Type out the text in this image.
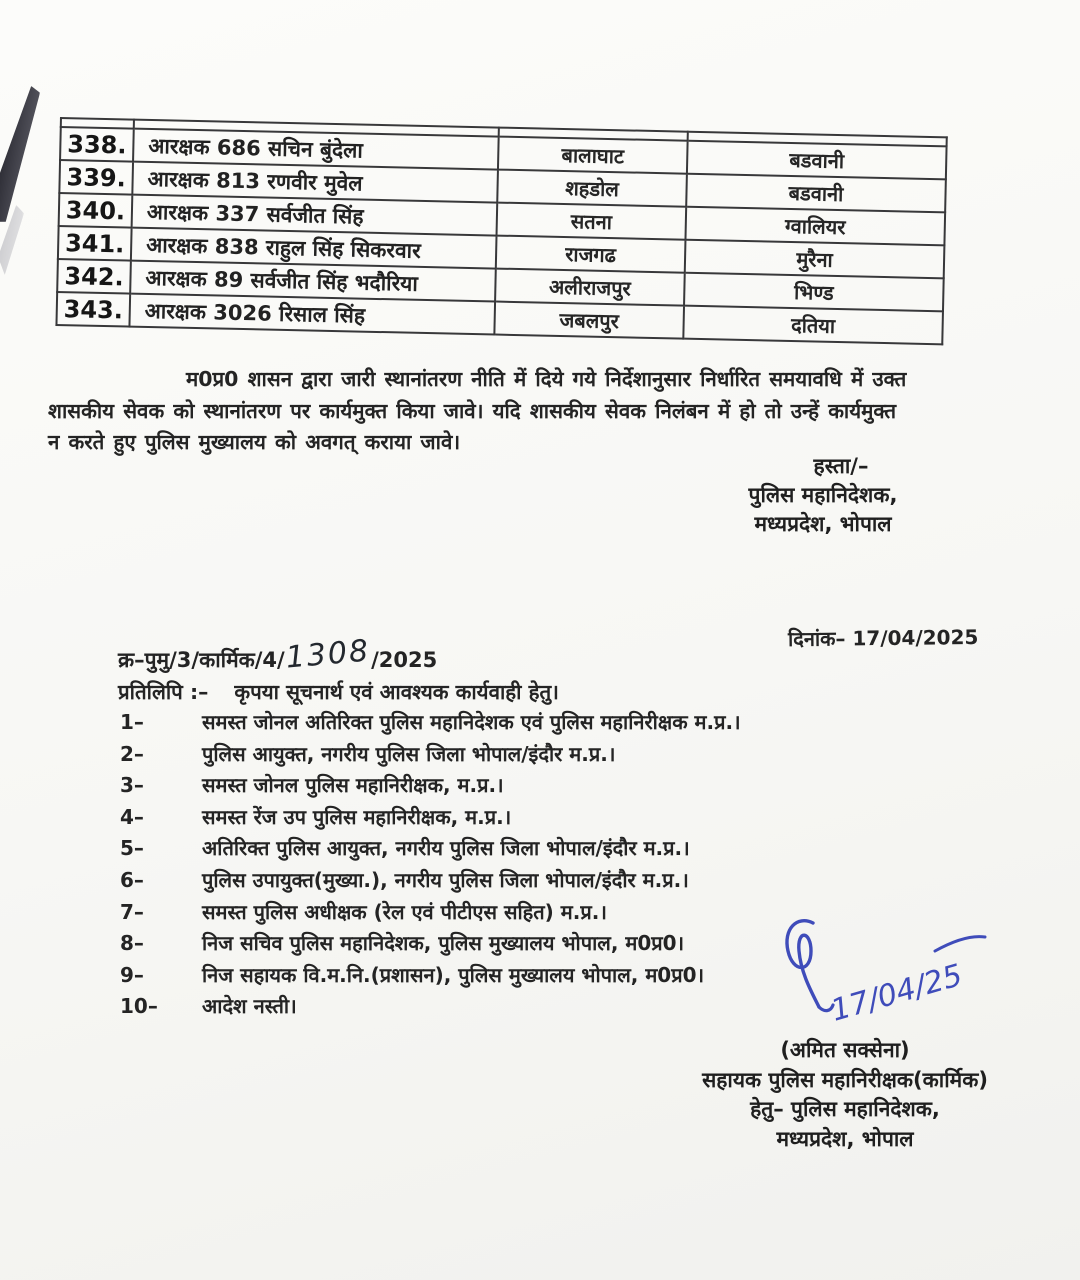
338.	आरक्षक 686 सचिन बुंदेला	बालाघाट	बडवानी
339.	आरक्षक 813 रणवीर मुवेल	शहडोल	बडवानी
340.	आरक्षक 337 सर्वजीत सिंह	सतना	ग्वालियर
341.	आरक्षक 838 राहुल सिंह सिकरवार	राजगढ	मुरैना
342.	आरक्षक 89 सर्वजीत सिंह भदौरिया	अलीराजपुर	भिण्ड
343.	आरक्षक 3026 रिसाल सिंह	जबलपुर	दतिया
म0प्र0 शासन द्वारा जारी स्थानांतरण नीति में दिये गये निर्देशानुसार निर्धारित समयावधि में उक्त
शासकीय सेवक को स्थानांतरण पर कार्यमुक्त किया जावे। यदि शासकीय सेवक निलंबन में हो तो उन्हें कार्यमुक्त
न करते हुए पुलिस मुख्यालय को अवगत् कराया जावे।
हस्ता/–
पुलिस महानिदेशक,
मध्यप्रदेश, भोपाल
दिनांक– 17/04/2025
क्र–पुमु/3/कार्मिक/4/ 1308 /2025
प्रतिलिपि :– कृपया सूचनार्थ एवं आवश्यक कार्यवाही हेतु।
1–	समस्त जोनल अतिरिक्त पुलिस महानिदेशक एवं पुलिस महानिरीक्षक म.प्र.।
2–	पुलिस आयुक्त, नगरीय पुलिस जिला भोपाल/इंदौर म.प्र.।
3–	समस्त जोनल पुलिस महानिरीक्षक, म.प्र.।
4–	समस्त रेंज उप पुलिस महानिरीक्षक, म.प्र.।
5–	अतिरिक्त पुलिस आयुक्त, नगरीय पुलिस जिला भोपाल/इंदौर म.प्र.।
6–	पुलिस उपायुक्त(मुख्या.), नगरीय पुलिस जिला भोपाल/इंदौर म.प्र.।
7–	समस्त पुलिस अधीक्षक (रेल एवं पीटीएस सहित) म.प्र.।
8–	निज सचिव पुलिस महानिदेशक, पुलिस मुख्यालय भोपाल, म0प्र0।
9–	निज सहायक वि.म.नि.(प्रशासन), पुलिस मुख्यालय भोपाल, म0प्र0।
10–	आदेश नस्ती।	17/04/25
(अमित सक्सेना)
सहायक पुलिस महानिरीक्षक(कार्मिक)
हेतु– पुलिस महानिदेशक,
मध्यप्रदेश, भोपाल
